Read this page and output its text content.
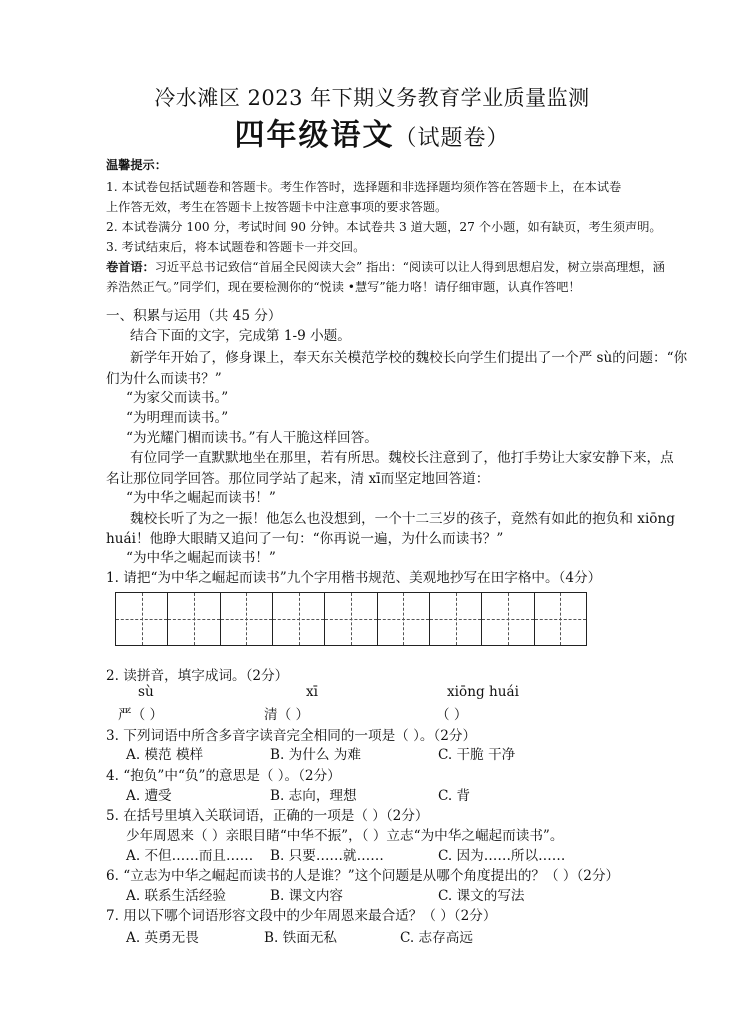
冷水滩区 2023 年下期义务教育学业质量监测
四年级语文（试题卷）
温馨提示：
1. 本试卷包括试题卷和答题卡。考生作答时，选择题和非选择题均须作答在答题卡上，在本试卷
上作答无效，考生在答题卡上按答题卡中注意事项的要求答题。
2. 本试卷满分 100 分，考试时间 90 分钟。本试卷共 3 道大题，27 个小题，如有缺页，考生须声明。
3. 考试结束后，将本试题卷和答题卡一并交回。
卷首语：习近平总书记致信“首届全民阅读大会” 指出：“阅读可以让人得到思想启发，树立崇高理想，涵
养浩然正气。”同学们，现在要检测你的“悦读 •慧写”能力咯！请仔细审题，认真作答吧！
一、积累与运用（共 45 分）
结合下面的文字，完成第 1-9 小题。
新学年开始了，修身课上，奉天东关模范学校的魏校长向学生们提出了一个严 sù的问题：“你
们为什么而读书？”
“为家父而读书。”
“为明理而读书。”
“为光耀门楣而读书。”有人干脆这样回答。
有位同学一直默默地坐在那里，若有所思。魏校长注意到了，他打手势让大家安静下来，点
名让那位同学回答。那位同学站了起来，清 xī而坚定地回答道：
“为中华之崛起而读书！”
魏校长听了为之一振！他怎么也没想到，一个十二三岁的孩子，竟然有如此的抱负和 xiōng
huái！他睁大眼睛又追问了一句：“你再说一遍，为什么而读书？”
“为中华之崛起而读书！”
1. 请把“为中华之崛起而读书”九个字用楷书规范、美观地抄写在田字格中。（4分）
2. 读拼音，填字成词。（2分）
sù	xī	xiōng huái
严（ ）	清（ ）	（ ）
3. 下列词语中所含多音字读音完全相同的一项是（ ）。（2分）
A. 模范 模样	B. 为什么 为难	C. 干脆 干净
4. “抱负”中“负”的意思是（ ）。（2分）
A. 遭受	B. 志向，理想	C. 背
5. 在括号里填入关联词语，正确的一项是（ ）（2分）
少年周恩来（ ）亲眼目睹“中华不振”，（ ）立志“为中华之崛起而读书”。
A. 不但……而且…… B. 只要……就……	C. 因为……所以……
6. “立志为中华之崛起而读书的人是谁？”这个问题是从哪个角度提出的？（ ）（2分）
A. 联系生活经验	B. 课文内容	C. 课文的写法
7. 用以下哪个词语形容文段中的少年周恩来最合适？（ ）（2分）
A. 英勇无畏	B. 铁面无私	C. 志存高远
